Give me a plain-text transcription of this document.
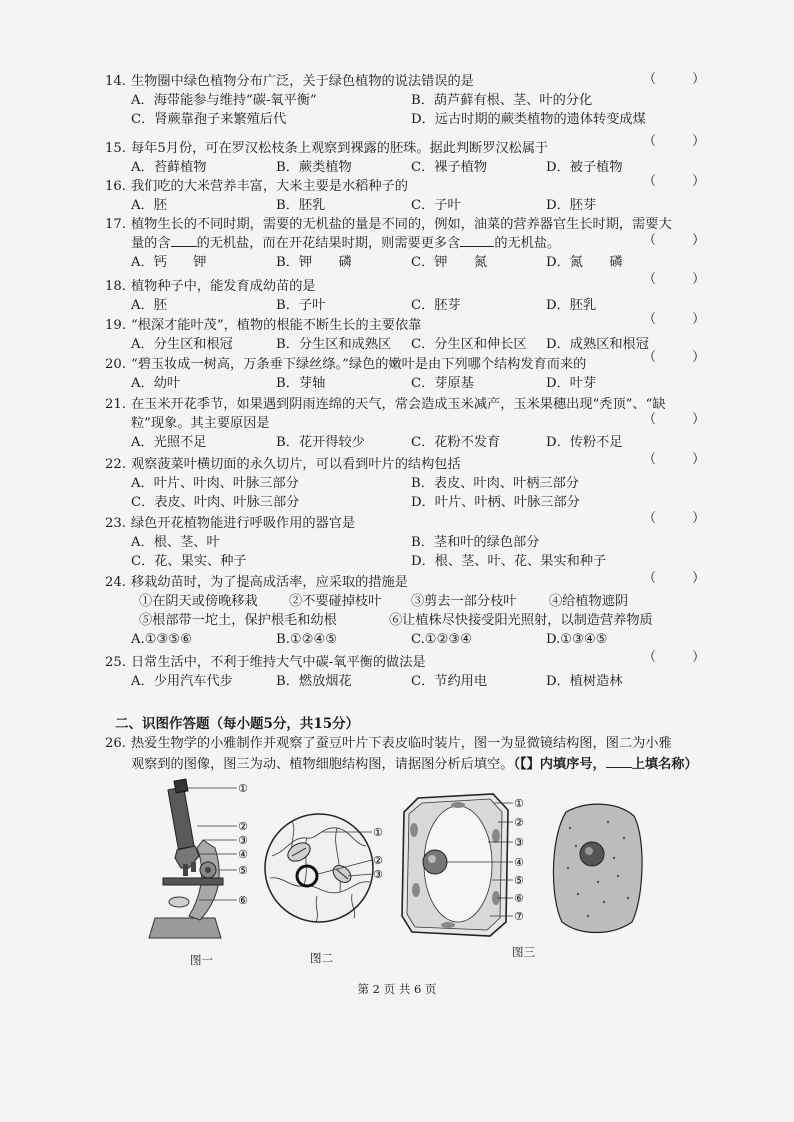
14. 生物圈中绿色植物分布广泛，关于绿色植物的说法错误的是
A．海带能参与维持“碳-氧平衡”	B．葫芦藓有根、茎、叶的分化
C．肾蕨靠孢子来繁殖后代	D．远古时期的蕨类植物的遗体转变成煤
（ ）
15. 每年5月份，可在罗汉松枝条上观察到裸露的胚珠。据此判断罗汉松属于
A．苔藓植物	B．蕨类植物	C．裸子植物	D．被子植物
（ ）
16. 我们吃的大米营养丰富，大米主要是水稻种子的
A．胚	B．胚乳	C．子叶	D．胚芽
（ ）
17. 植物生长的不同时期，需要的无机盐的量是不同的，例如，油菜的营养器官生长时期，需要大
量的含 的无机盐，而在开花结果时期，则需要更多含	的无机盐。
A．钙　　钾	B．钾　　磷	C．钾　　氮	D．氮　　磷
（ ）
18. 植物种子中，能发育成幼苗的是
A．胚	B．子叶	C．胚芽	D．胚乳
（ ）
19. “根深才能叶茂”，植物的根能不断生长的主要依靠
A．分生区和根冠	B．分生区和成熟区 C．分生区和伸长区 D．成熟区和根冠
（ ）
20. “碧玉妆成一树高，万条垂下绿丝绦。”绿色的嫩叶是由下列哪个结构发育而来的
A．幼叶	B．芽轴	C．芽原基	D．叶芽
（ ）
21. 在玉米开花季节，如果遇到阴雨连绵的天气，常会造成玉米减产，玉米果穗出现“秃顶”、“缺
粒”现象。其主要原因是
A．光照不足	B．花开得较少	C．花粉不发育	D．传粉不足
（ ）
22. 观察菠菜叶横切面的永久切片，可以看到叶片的结构包括
A．叶片、叶肉、叶脉三部分	B．表皮、叶肉、叶柄三部分
C．表皮、叶肉、叶脉三部分	D．叶片、叶柄、叶脉三部分
（ ）
23. 绿色开花植物能进行呼吸作用的器官是
A．根、茎、叶	B．茎和叶的绿色部分
C．花、果实、种子	D．根、茎、叶、花、果实和种子
（ ）
24. 移栽幼苗时，为了提高成活率，应采取的措施是
①在阴天或傍晚移栽 ②不要碰掉枝叶 ③剪去一部分枝叶 ④给植物遮阴
⑤根部带一坨土，保护根毛和幼根	⑥让植株尽快接受阳光照射，以制造营养物质
A.①③⑤⑥	B.①②④⑤	C.①②③④	D.①③④⑤
（ ）
25. 日常生活中，不利于维持大气中碳-氧平衡的做法是
A．少用汽车代步	B．燃放烟花	C．节约用电	D．植树造林
（ ）
二、识图作答题（每小题5分，共15分）
26. 热爱生物学的小雅制作并观察了蚕豆叶片下表皮临时装片，图一为显微镜结构图，图二为小雅
观察到的图像，图三为动、植物细胞结构图，请据图分析后填空。（【】内填序号， 上填名称）
①
②
③
④
⑤
⑥
图一
①
②
③
图二
①
②
③
④
⑤
⑥
⑦
图三
第 2 页 共 6 页
